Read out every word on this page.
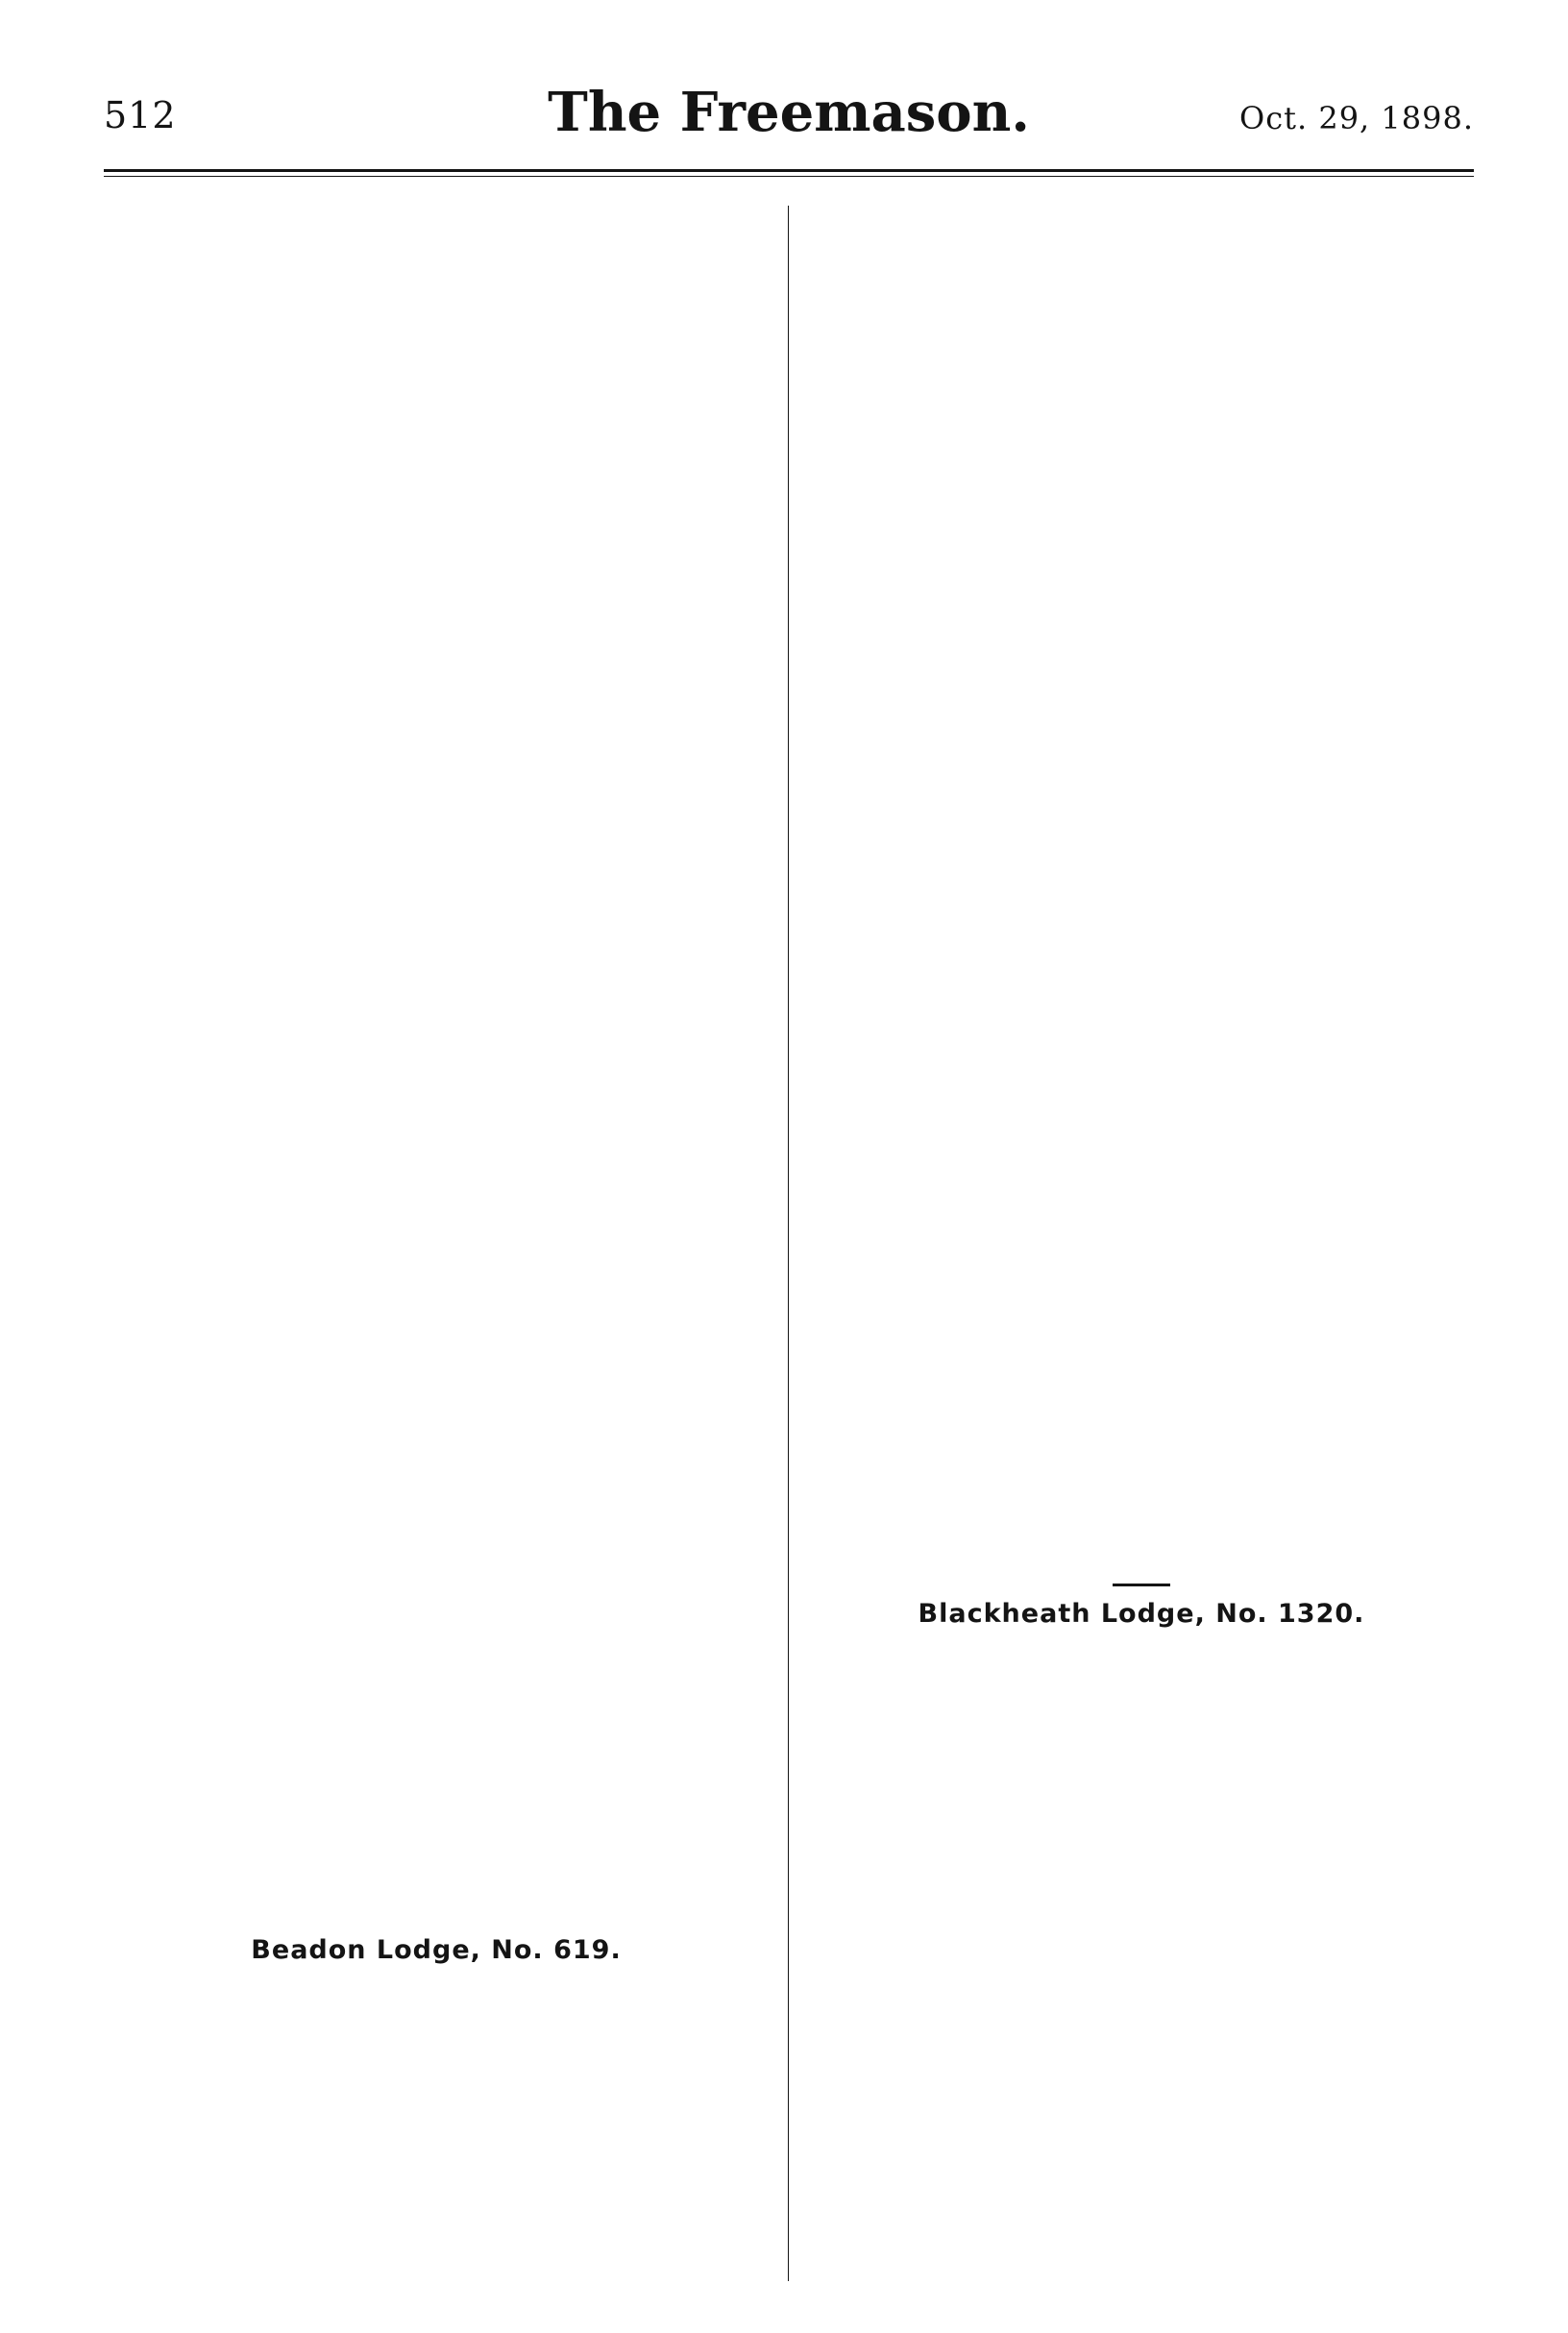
512	The Freemason.	Oct. 29, 1898.
Beadon Lodge, No. 619.
Blackheath Lodge, No. 1320.
